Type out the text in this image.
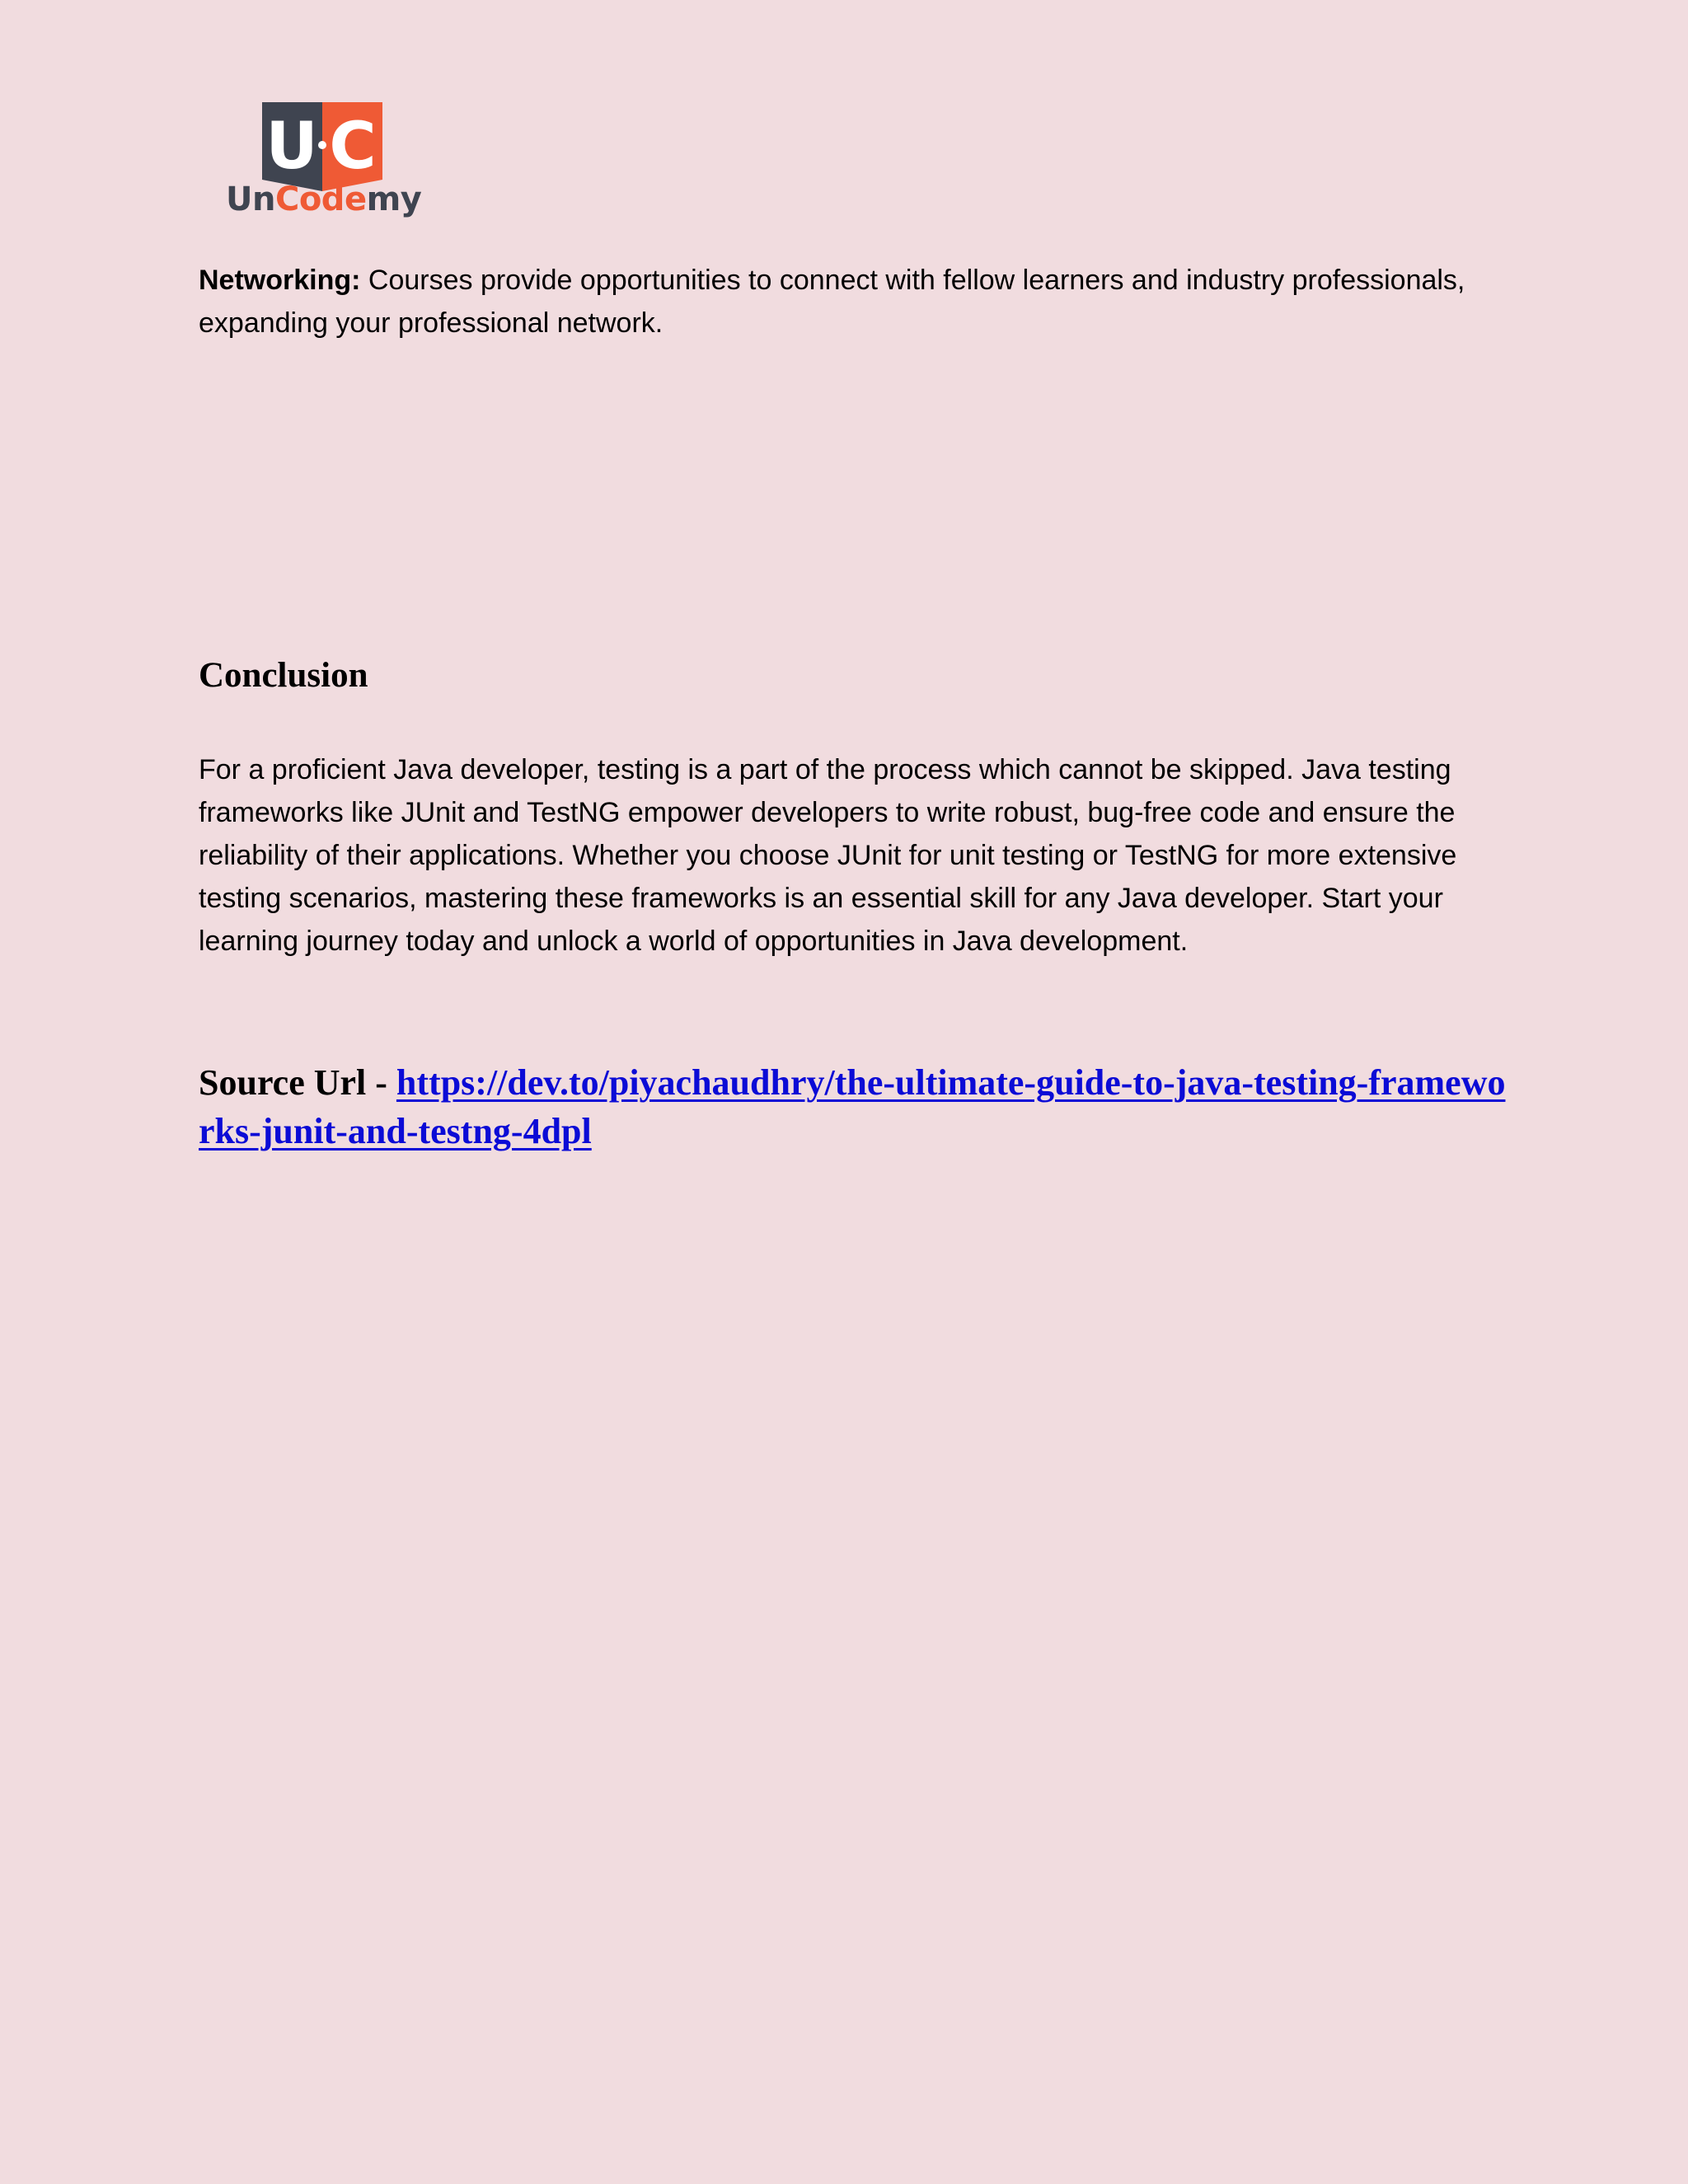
U C
UnCodemy

Networking: Courses provide opportunities to connect with fellow learners and industry professionals, expanding your professional network.

Conclusion

For a proficient Java developer, testing is a part of the process which cannot be skipped. Java testing frameworks like JUnit and TestNG empower developers to write robust, bug-free code and ensure the reliability of their applications. Whether you choose JUnit for unit testing or TestNG for more extensive testing scenarios, mastering these frameworks is an essential skill for any Java developer. Start your learning journey today and unlock a world of opportunities in Java development.

Source Url - https://dev.to/piyachaudhry/the-ultimate-guide-to-java-testing-frameworks-junit-and-testng-4dpl
